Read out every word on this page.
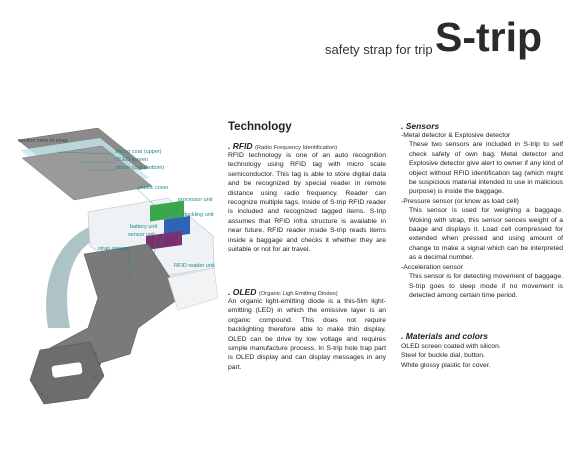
safety strap for trip S-trip
section view of strap
silicon coat (upper)
OLED screen
silicon coat (bottom)
plastic cover
processor unit
buckling unit
battery unit
sensor unit
strap storage
RFID reader unit
Technology
. RFID (Radio Frequency Identification)
RFID technology is one of an auto recognition technology using RFID tag with micro scale semiconductor. This tag is able to store digital data and be recognized by special reader in remote distance using radio frequency. Reader can recognize multiple tags. Inside of S-trip RFID reader is included and recognized tagged items. S-trip assumes that RFID infra structure is available in near future. RFID reader inside S-trip reads items inside a baggage and checks it whether they are suitable or not for air travel.
. OLED (Organic Ligh Emitting Diodes)
An organic light-emitting diode is a this-film light-emitting (LED) in which the emissive layer is an organic compound. This does not require backlighting therefore able to make thin display. OLED can be drive by low voltage and requires simple manufacture process. In S-trip hole trap part is OLED display and can display messages in any part.
. Sensors

-Metal detector & Explosive detector

These two sensors are included in S-trip to self check safety of own bag. Metal detector and Explosive detector give alert to owner if any kind of object without RFID identification tag (which might be suspicious material intended to use in malicious purpose) is inside the baggage.

-Pressure sensor (or know as load cell)

This sensor is used for weighing a baggage. Woking with strap, this sensor sences weight of a baage and displays it. Load cell compressed for extended when pressed and using amount of change to make a signal which can be interpreted as a decimal number.

-Acceleration sensor

This sensor is for detecting movement of baggage. S-trip goes to sleep mode if no movement is detected among certain time period.

. Materials and colors
OLED screen coated with silicon.
Steel for buckle dial, button.
White glossy plastic for cover.
